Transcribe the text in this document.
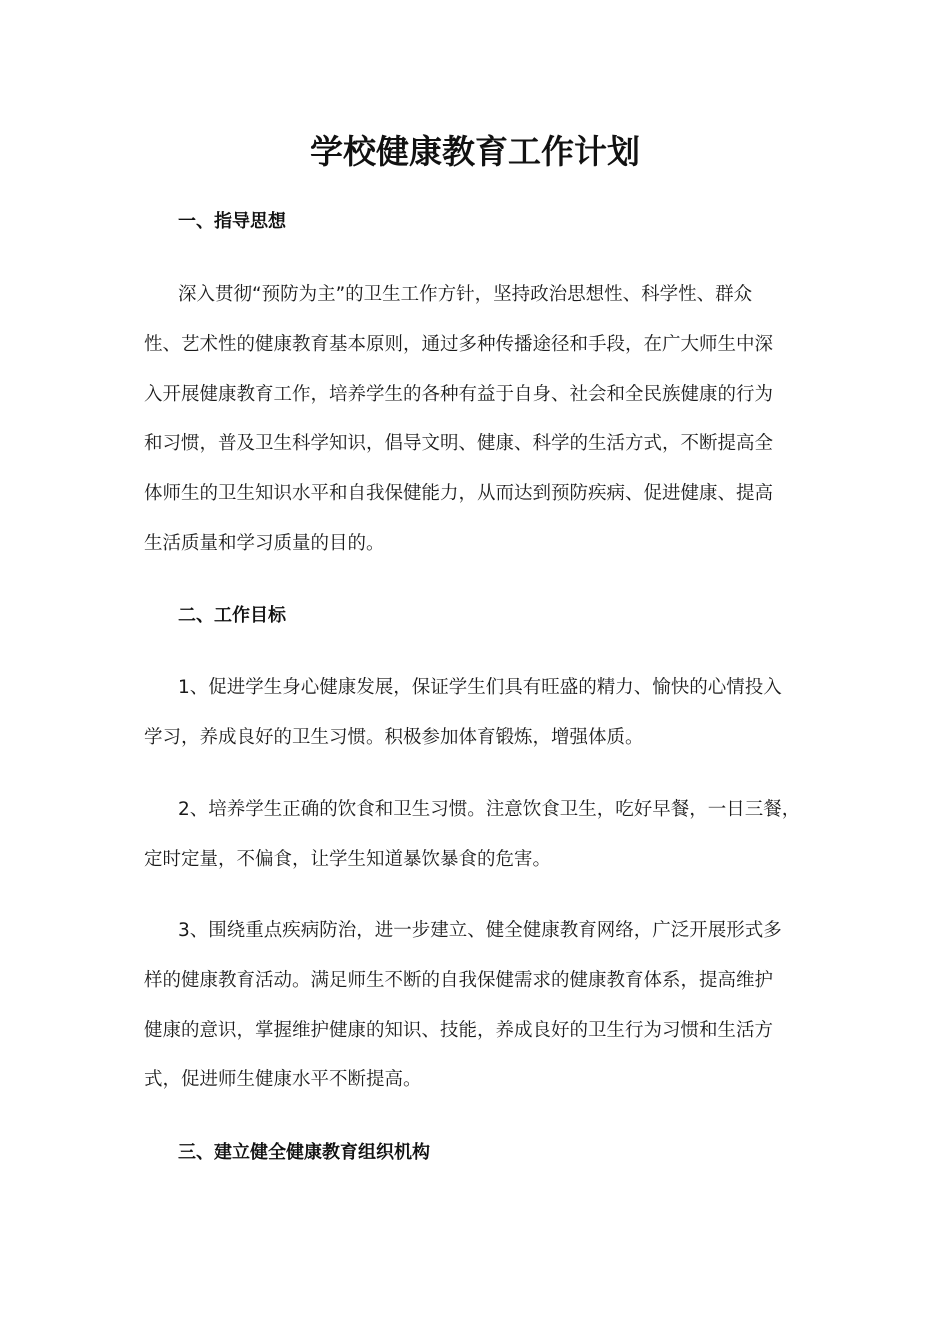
学校健康教育工作计划
一、指导思想
深入贯彻“预防为主”的卫生工作方针，坚持政治思想性、科学性、群众
性、艺术性的健康教育基本原则，通过多种传播途径和手段，在广大师生中深
入开展健康教育工作，培养学生的各种有益于自身、社会和全民族健康的行为
和习惯，普及卫生科学知识，倡导文明、健康、科学的生活方式，不断提高全
体师生的卫生知识水平和自我保健能力，从而达到预防疾病、促进健康、提高
生活质量和学习质量的目的。
二、工作目标
1、促进学生身心健康发展，保证学生们具有旺盛的精力、愉快的心情投入
学习，养成良好的卫生习惯。积极参加体育锻炼，增强体质。
2、培养学生正确的饮食和卫生习惯。注意饮食卫生，吃好早餐，一日三餐，
定时定量，不偏食，让学生知道暴饮暴食的危害。
3、围绕重点疾病防治，进一步建立、健全健康教育网络，广泛开展形式多
样的健康教育活动。满足师生不断的自我保健需求的健康教育体系，提高维护
健康的意识，掌握维护健康的知识、技能，养成良好的卫生行为习惯和生活方
式，促进师生健康水平不断提高。
三、建立健全健康教育组织机构
